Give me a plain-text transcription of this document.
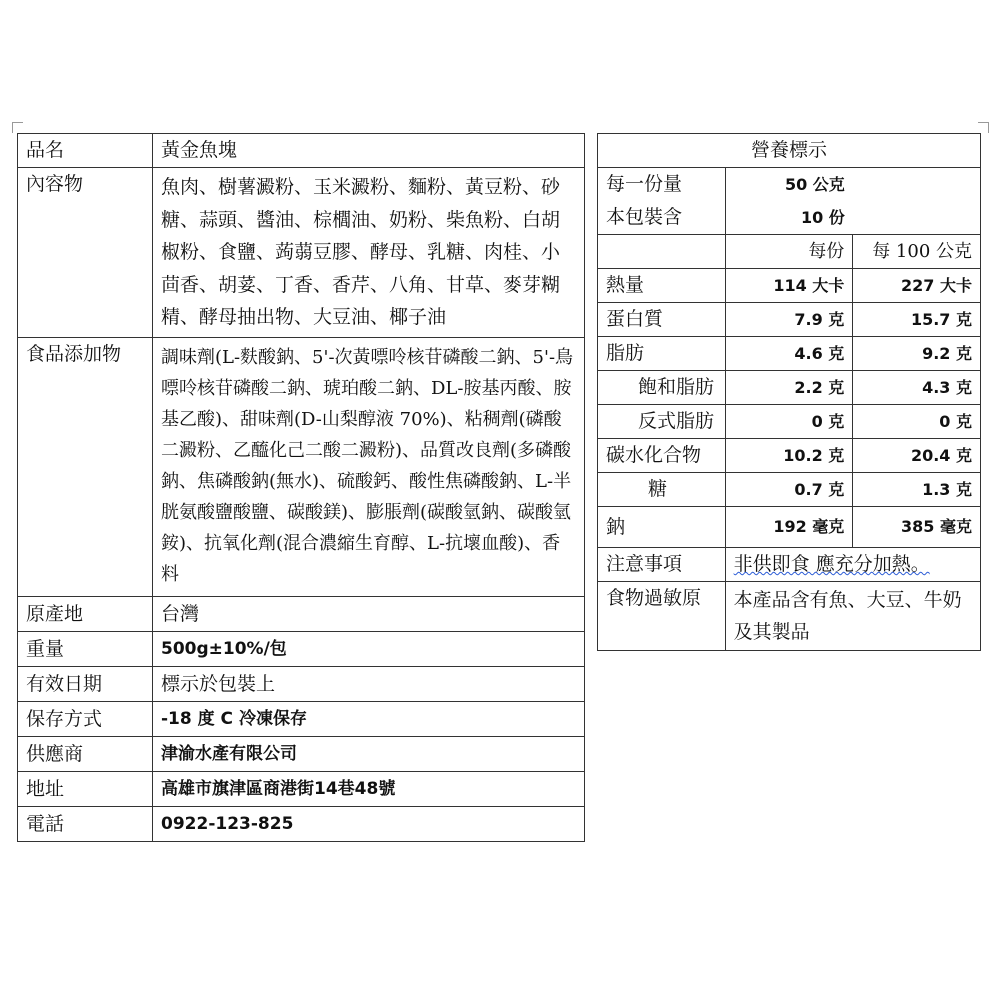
品名	黃金魚塊
內容物	魚肉、樹薯澱粉、玉米澱粉、麵粉、黃豆粉、砂糖、蒜頭、醬油、棕櫚油、奶粉、柴魚粉、白胡椒粉、食鹽、蒟蒻豆膠、酵母、乳糖、肉桂、小茴香、胡荽、丁香、香芹、八角、甘草、麥芽糊精、酵母抽出物、大豆油、椰子油
食品添加物	調味劑(L-麩酸鈉、5'-次黃嘌呤核苷磷酸二鈉、5'-鳥嘌呤核苷磷酸二鈉、琥珀酸二鈉、DL-胺基丙酸、胺基乙酸)、甜味劑(D-山梨醇液 70%)、粘稠劑(磷酸二澱粉、乙醯化己二酸二澱粉)、品質改良劑(多磷酸鈉、焦磷酸鈉(無水)、硫酸鈣、酸性焦磷酸鈉、L-半胱氨酸鹽酸鹽、碳酸鎂)、膨脹劑(碳酸氫鈉、碳酸氫銨)、抗氧化劑(混合濃縮生育醇、L-抗壞血酸)、香料
原產地	台灣
重量	500g±10%/包
有效日期	標示於包裝上
保存方式	-18 度 C 冷凍保存
供應商	津渝水產有限公司
地址	高雄市旗津區商港街14巷48號
電話	0922-123-825
營養標示		
每一份量	50 公克	
本包裝含	10 份	
	每份	每 100 公克
熱量	114 大卡	227 大卡
蛋白質	7.9 克	15.7 克
脂肪	4.6 克	9.2 克
飽和脂肪	2.2 克	4.3 克
反式脂肪	0 克	0 克
碳水化合物	10.2 克	20.4 克
糖	0.7 克	1.3 克
鈉	192 毫克	385 毫克
注意事項	非供即食 應充分加熱。	
食物過敏原	本產品含有魚、大豆、牛奶及其製品	
